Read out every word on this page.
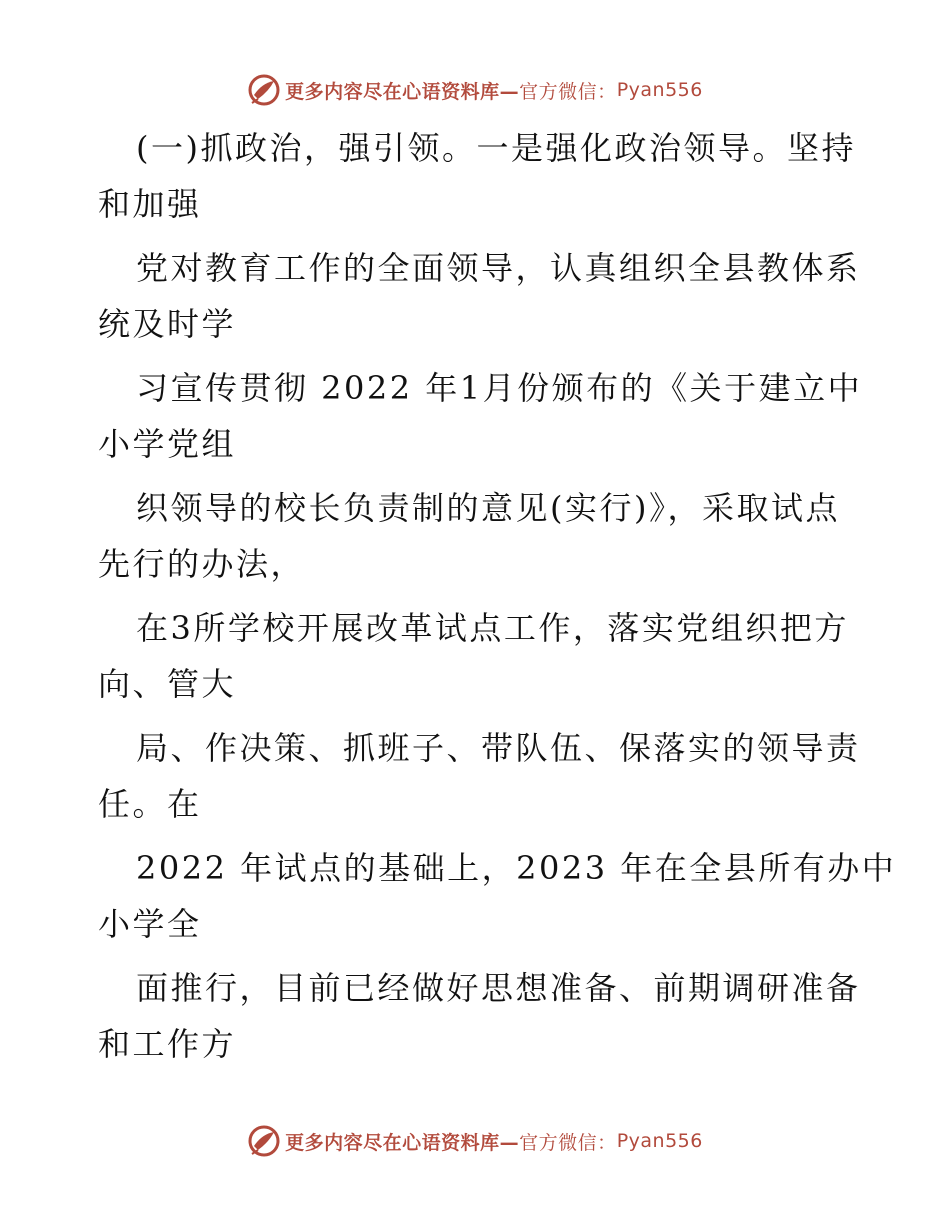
更多内容尽在心语资料库— 官方微信： Pyan556

(一)抓政治，强引领。一是强化政治领导。坚持
和加强

党对教育工作的全面领导，认真组织全县教体系
统及时学

习宣传贯彻 2022 年1月份颁布的《关于建立中
小学党组

织领导的校长负责制的意见(实行)》，采取试点
先行的办法，

在3所学校开展改革试点工作，落实党组织把方
向、管大

局、作决策、抓班子、带队伍、保落实的领导责
任。在

2022 年试点的基础上，2023 年在全县所有办中
小学全

面推行，目前已经做好思想准备、前期调研准备
和工作方

更多内容尽在心语资料库— 官方微信： Pyan556
